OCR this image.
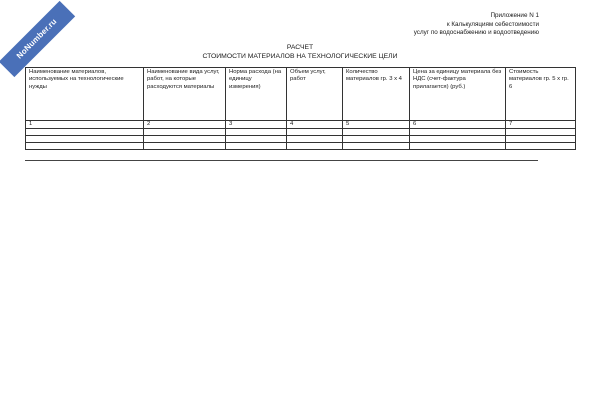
NoNumber.ru
Приложение N 1
к Калькуляциям себестоимости
услуг по водоснабжению и водоотведению
РАСЧЕТ
СТОИМОСТИ МАТЕРИАЛОВ НА ТЕХНОЛОГИЧЕСКИЕ ЦЕЛИ
Наименование материалов, используемых на технологические нужды	Наименование вида услуг, работ, на которые расходуются материалы	Норма расхода (на единицу измерения)	Объем услуг, работ	Количество материалов гр. 3 х 4	Цена за единицу материала без НДС (счет-фактура прилагается) (руб.)	Стоимость материалов гр. 5 х гр. 6
1	2	3	4	5	6	7
